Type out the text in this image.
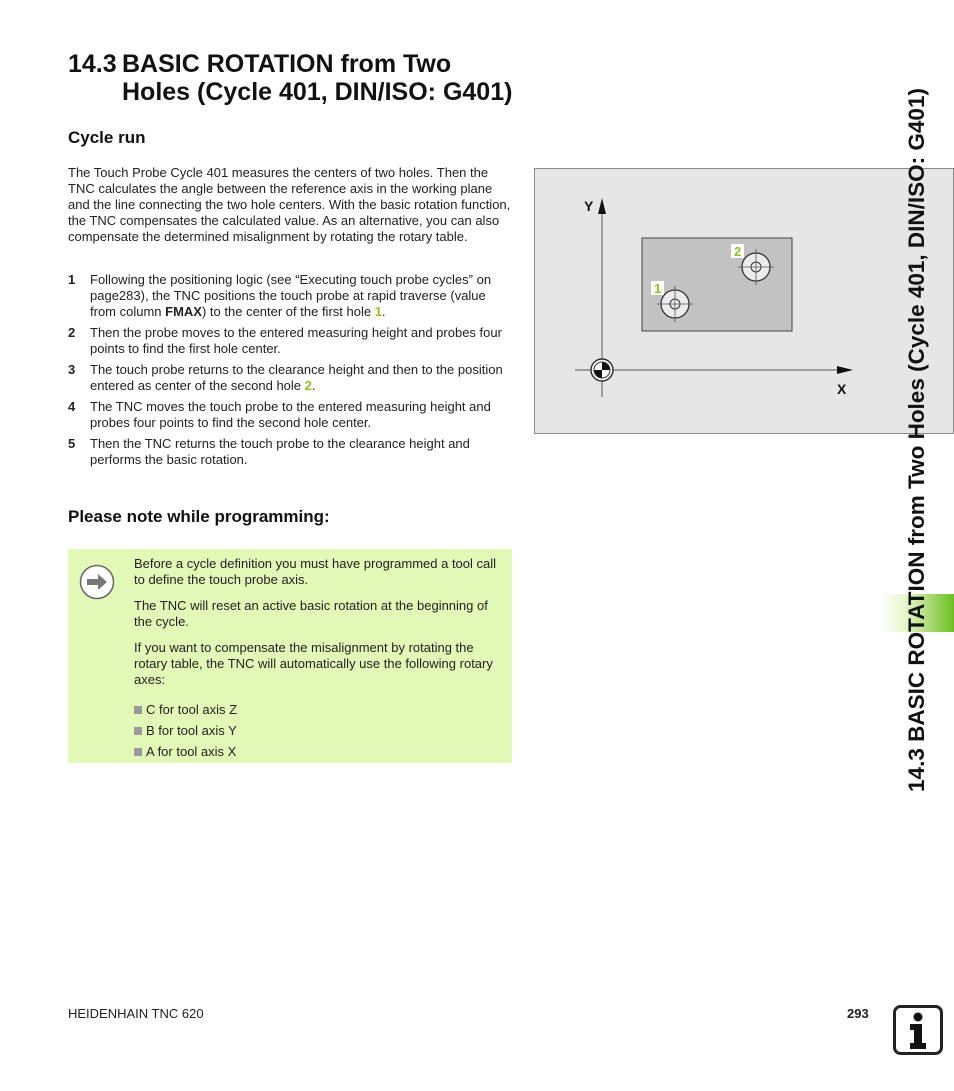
14.3 BASIC ROTATION from Two
Holes (Cycle 401, DIN/ISO: G401)
Cycle run

The Touch Probe Cycle 401 measures the centers of two holes. Then the TNC calculates the angle between the reference axis in the working plane and the line connecting the two hole centers. With the basic rotation function, the TNC compensates the calculated value. As an alternative, you can also compensate the determined misalignment by rotating the rotary table.

1 Following the positioning logic (see “Executing touch probe cycles” on page283), the TNC positions the touch probe at rapid traverse (value from column FMAX) to the center of the first hole 1.
2 Then the probe moves to the entered measuring height and probes four points to find the first hole center.
3 The touch probe returns to the clearance height and then to the position entered as center of the second hole 2.
4 The TNC moves the touch probe to the entered measuring height and probes four points to find the second hole center.
5 Then the TNC returns the touch probe to the clearance height and performs the basic rotation.
Please note while programming:

Before a cycle definition you must have programmed a tool call to define the touch probe axis.

The TNC will reset an active basic rotation at the beginning of the cycle.

If you want to compensate the misalignment by rotating the rotary table, the TNC will automatically use the following rotary axes:

C for tool axis Z
B for tool axis Y
A for tool axis X
Y
X
1
2	14.3 BASIC ROTATION from Two Holes (Cycle 401, DIN/ISO: G401)
HEIDENHAIN TNC 620	293
